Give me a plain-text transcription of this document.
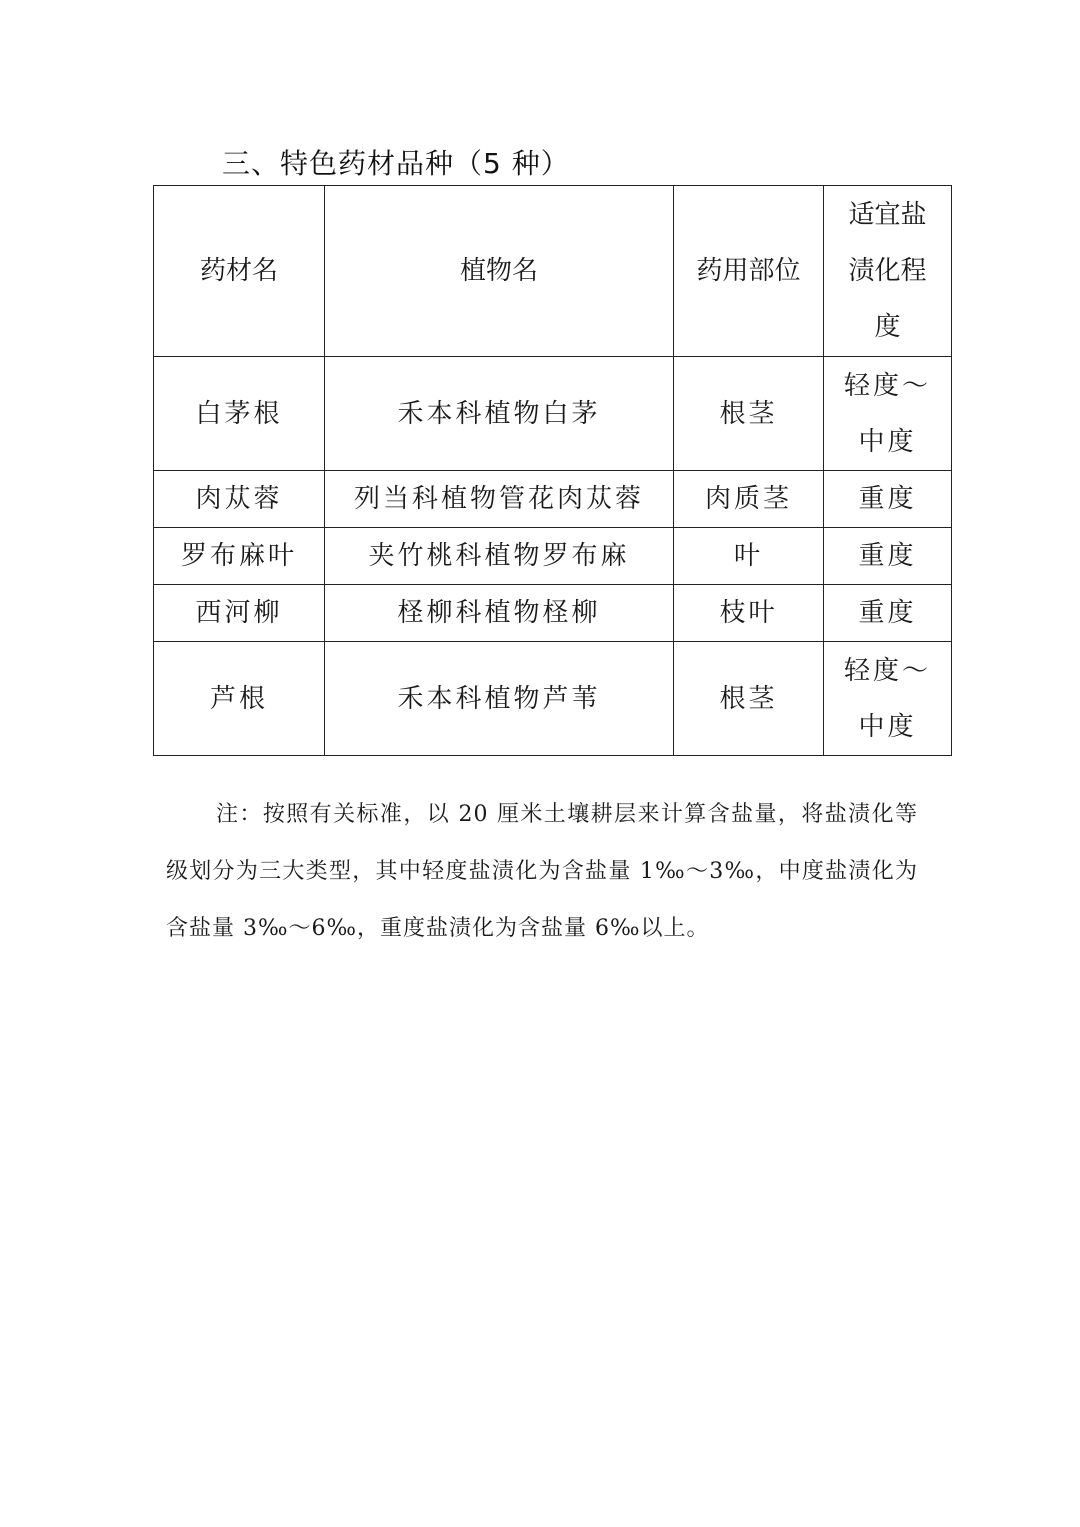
三、特色药材品种（5 种）
药材名	植物名	药用部位	适宜盐渍化程度
白茅根	禾本科植物白茅	根茎	轻度～中度
肉苁蓉	列当科植物管花肉苁蓉	肉质茎	重度
罗布麻叶	夹竹桃科植物罗布麻	叶	重度
西河柳	柽柳科植物柽柳	枝叶	重度
芦根	禾本科植物芦苇	根茎	轻度～中度

注：按照有关标准，以 20 厘米土壤耕层来计算含盐量，将盐渍化等级划分为三大类型，其中轻度盐渍化为含盐量 1‰～3‰，中度盐渍化为含盐量 3‰～6‰，重度盐渍化为含盐量 6‰以上。
